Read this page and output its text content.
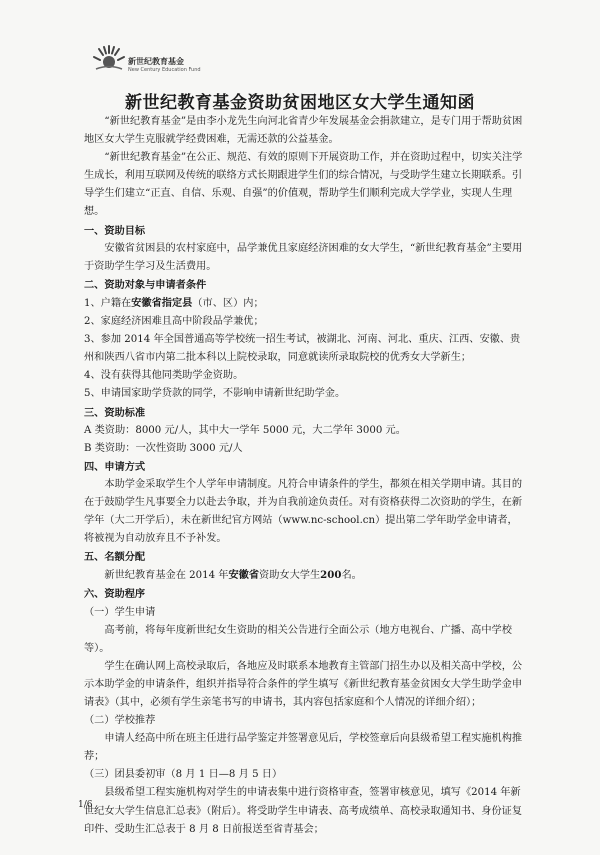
新世纪教育基金
New Century Education Fund
新世纪教育基金资助贫困地区女大学生通知函

“新世纪教育基金”是由李小龙先生向河北省青少年发展基金会捐款建立，是专门用于帮助贫困地区女大学生克服就学经费困难，无需还款的公益基金。

“新世纪教育基金”在公正、规范、有效的原则下开展资助工作，并在资助过程中，切实关注学生成长，利用互联网及传统的联络方式长期跟进学生们的综合情况，与受助学生建立长期联系。引导学生们建立“正直、自信、乐观、自强”的价值观，帮助学生们顺利完成大学学业，实现人生理想。

一、资助目标

安徽省贫困县的农村家庭中，品学兼优且家庭经济困难的女大学生，“新世纪教育基金”主要用于资助学生学习及生活费用。

二、资助对象与申请者条件

1、户籍在安徽省指定县（市、区）内；

2、家庭经济困难且高中阶段品学兼优；

3、参加 2014 年全国普通高等学校统一招生考试，被湖北、河南、河北、重庆、江西、安徽、贵州和陕西八省市内第二批本科以上院校录取，同意就读所录取院校的优秀女大学新生；

4、没有获得其他同类助学金资助。

5、申请国家助学贷款的同学，不影响申请新世纪助学金。

三、资助标准

A 类资助：8000 元/人，其中大一学年 5000 元，大二学年 3000 元。

B 类资助：一次性资助 3000 元/人

四、申请方式

本助学金采取学生个人学年申请制度。凡符合申请条件的学生，都须在相关学期申请。其目的在于鼓励学生凡事要全力以赴去争取，并为自我前途负责任。对有资格获得二次资助的学生，在新学年（大二开学后），未在新世纪官方网站（www.nc-school.cn）提出第二学年助学金申请者，将被视为自动放弃且不予补发。

五、名额分配

新世纪教育基金在 2014 年安徽省资助女大学生200名。

六、资助程序

（一）学生申请

高考前，将每年度新世纪女生资助的相关公告进行全面公示（地方电视台、广播、高中学校等）。

学生在确认网上高校录取后，各地应及时联系本地教育主管部门招生办以及相关高中学校，公示本助学金的申请条件，组织并指导符合条件的学生填写《新世纪教育基金贫困女大学生助学金申请表》（其中，必须有学生亲笔书写的申请书，其内容包括家庭和个人情况的详细介绍）；

（二）学校推荐

申请人经高中所在班主任进行品学鉴定并签署意见后，学校签章后向县级希望工程实施机构推荐；

（三）团县委初审（8 月 1 日—8 月 5 日）

县级希望工程实施机构对学生的申请表集中进行资格审查，签署审核意见，填写《2014 年新世纪女大学生信息汇总表》（附后）。将受助学生申请表、高考成绩单、高校录取通知书、身份证复印件、受助生汇总表于 8 月 8 日前报送至省青基会；

1/6
